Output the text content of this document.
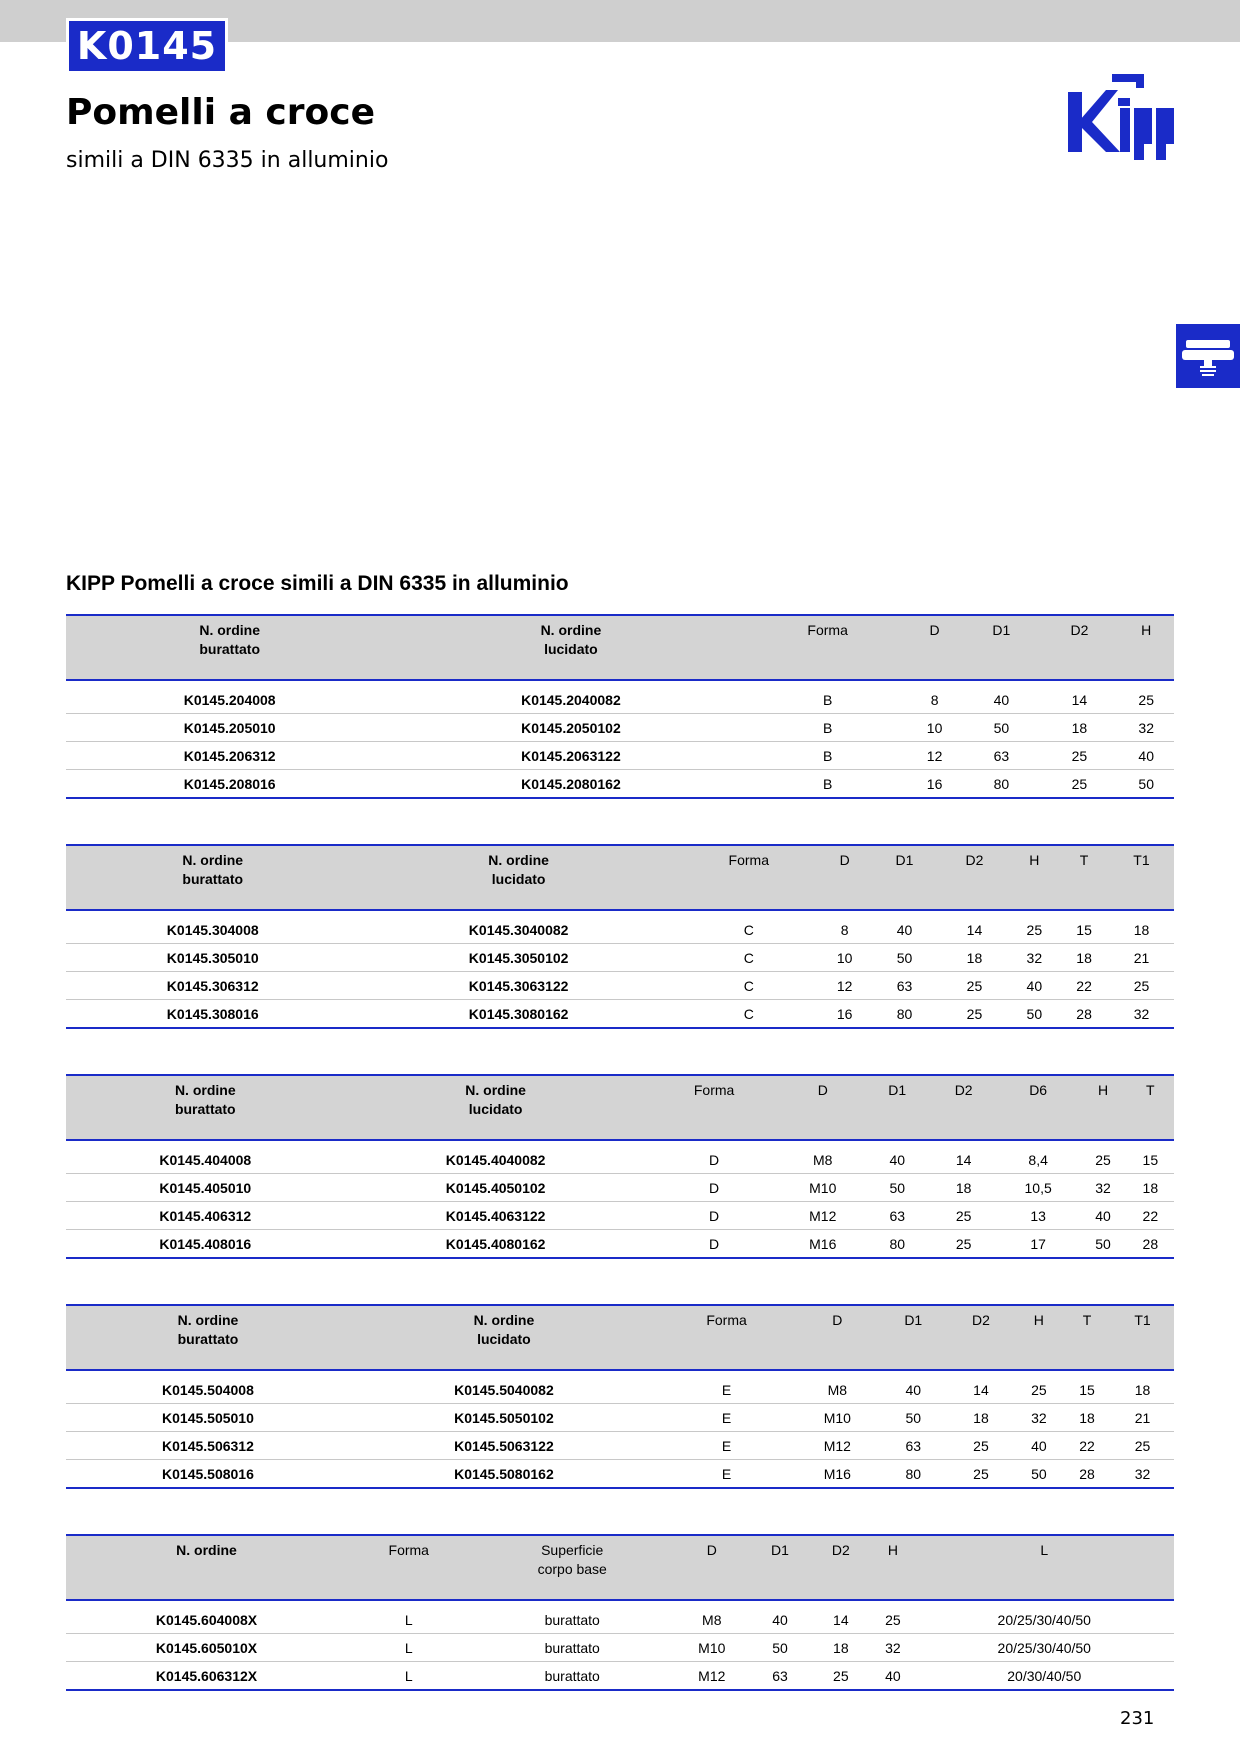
K0145
Pomelli a croce
simili a DIN 6335 in alluminio
KIPP Pomelli a croce simili a DIN 6335 in alluminio
N. ordine
burattato	N. ordine
lucidato	Forma	D	D1	D2	H

K0145.204008	K0145.2040082	B	8	40	14	25
K0145.205010	K0145.2050102	B	10	50	18	32
K0145.206312	K0145.2063122	B	12	63	25	40
K0145.208016	K0145.2080162	B	16	80	25	50
N. ordine
burattato	N. ordine
lucidato	Forma	D	D1	D2	H	T	T1

K0145.304008	K0145.3040082	C	8	40	14	25	15	18
K0145.305010	K0145.3050102	C	10	50	18	32	18	21
K0145.306312	K0145.3063122	C	12	63	25	40	22	25
K0145.308016	K0145.3080162	C	16	80	25	50	28	32
N. ordine
burattato	N. ordine
lucidato	Forma	D	D1	D2	D6	H	T

K0145.404008	K0145.4040082	D	M8	40	14	8,4	25	15
K0145.405010	K0145.4050102	D	M10	50	18	10,5	32	18
K0145.406312	K0145.4063122	D	M12	63	25	13	40	22
K0145.408016	K0145.4080162	D	M16	80	25	17	50	28
N. ordine
burattato	N. ordine
lucidato	Forma	D	D1	D2	H	T	T1

K0145.504008	K0145.5040082	E	M8	40	14	25	15	18
K0145.505010	K0145.5050102	E	M10	50	18	32	18	21
K0145.506312	K0145.5063122	E	M12	63	25	40	22	25
K0145.508016	K0145.5080162	E	M16	80	25	50	28	32
N. ordine	Forma	Superficie
corpo base	D	D1	D2	H	L

K0145.604008X	L	burattato	M8	40	14	25	20/25/30/40/50
K0145.605010X	L	burattato	M10	50	18	32	20/25/30/40/50
K0145.606312X	L	burattato	M12	63	25	40	20/30/40/50
231
